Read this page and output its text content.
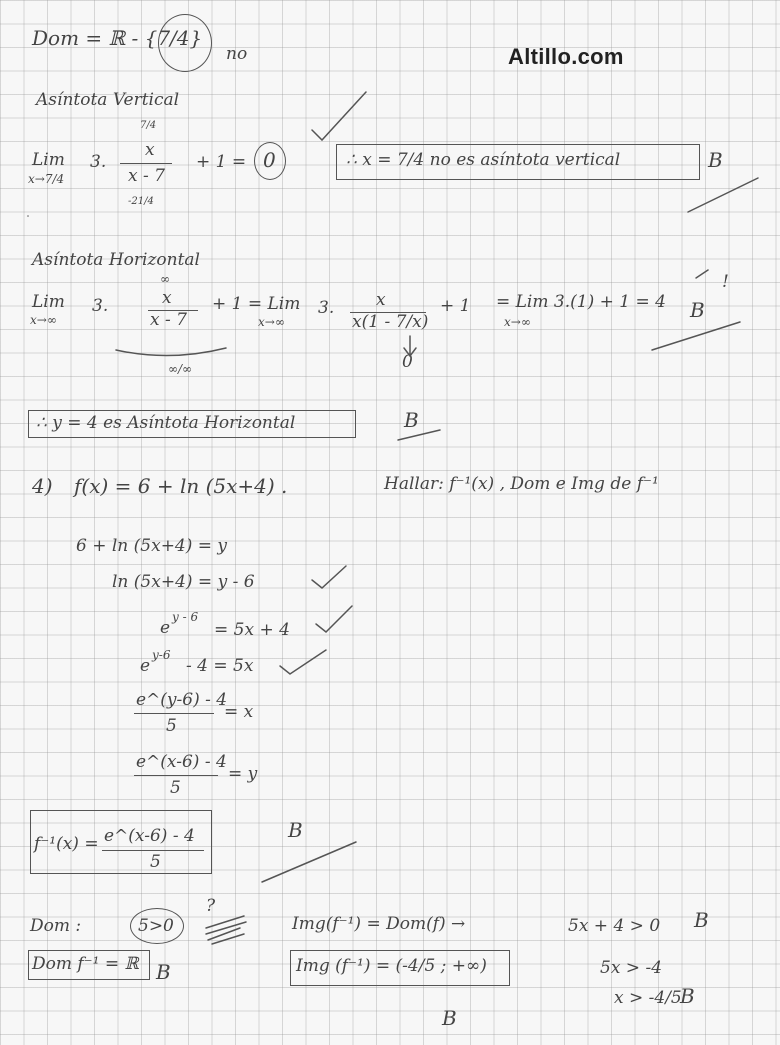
Altillo.com
Dom = ℝ - {7/4}
no
Asíntota Vertical
Lim
x→7/4
3.
7/4
x
x - 7
-21/4
+ 1 = 0	∴ x = 7/4 no es asíntota vertical	B
Asíntota Horizontal
Lim
x→∞
3.
∞
x
x - 7
+ 1 = Lim
x→∞
3. x
x(1 - 7/x)
0
+ 1 = Lim 3.(1) + 1 = 4
x→∞	B
!
∞/∞
∴ y = 4 es Asíntota Horizontal	B
4) f(x) = 6 + ln (5x+4) .	Hallar: f⁻¹(x) , Dom e Img de f⁻¹
6 + ln (5x+4) = y
ln (5x+4) = y - 6
e
y - 6
= 5x + 4
e
y-6
- 4 = 5x
e^(y-6) - 4
5
= x
e^(x-6) - 4
5
= y
f⁻¹(x) = e^(x-6) - 4
5
B
Dom :	5>0
?
Dom f⁻¹ = ℝ B
Img(f⁻¹) = Dom(f) →	5x + 4 > 0 B
Img (f⁻¹) = (-4/5 ; +∞)	5x > -4
x > -4/5
B
B
